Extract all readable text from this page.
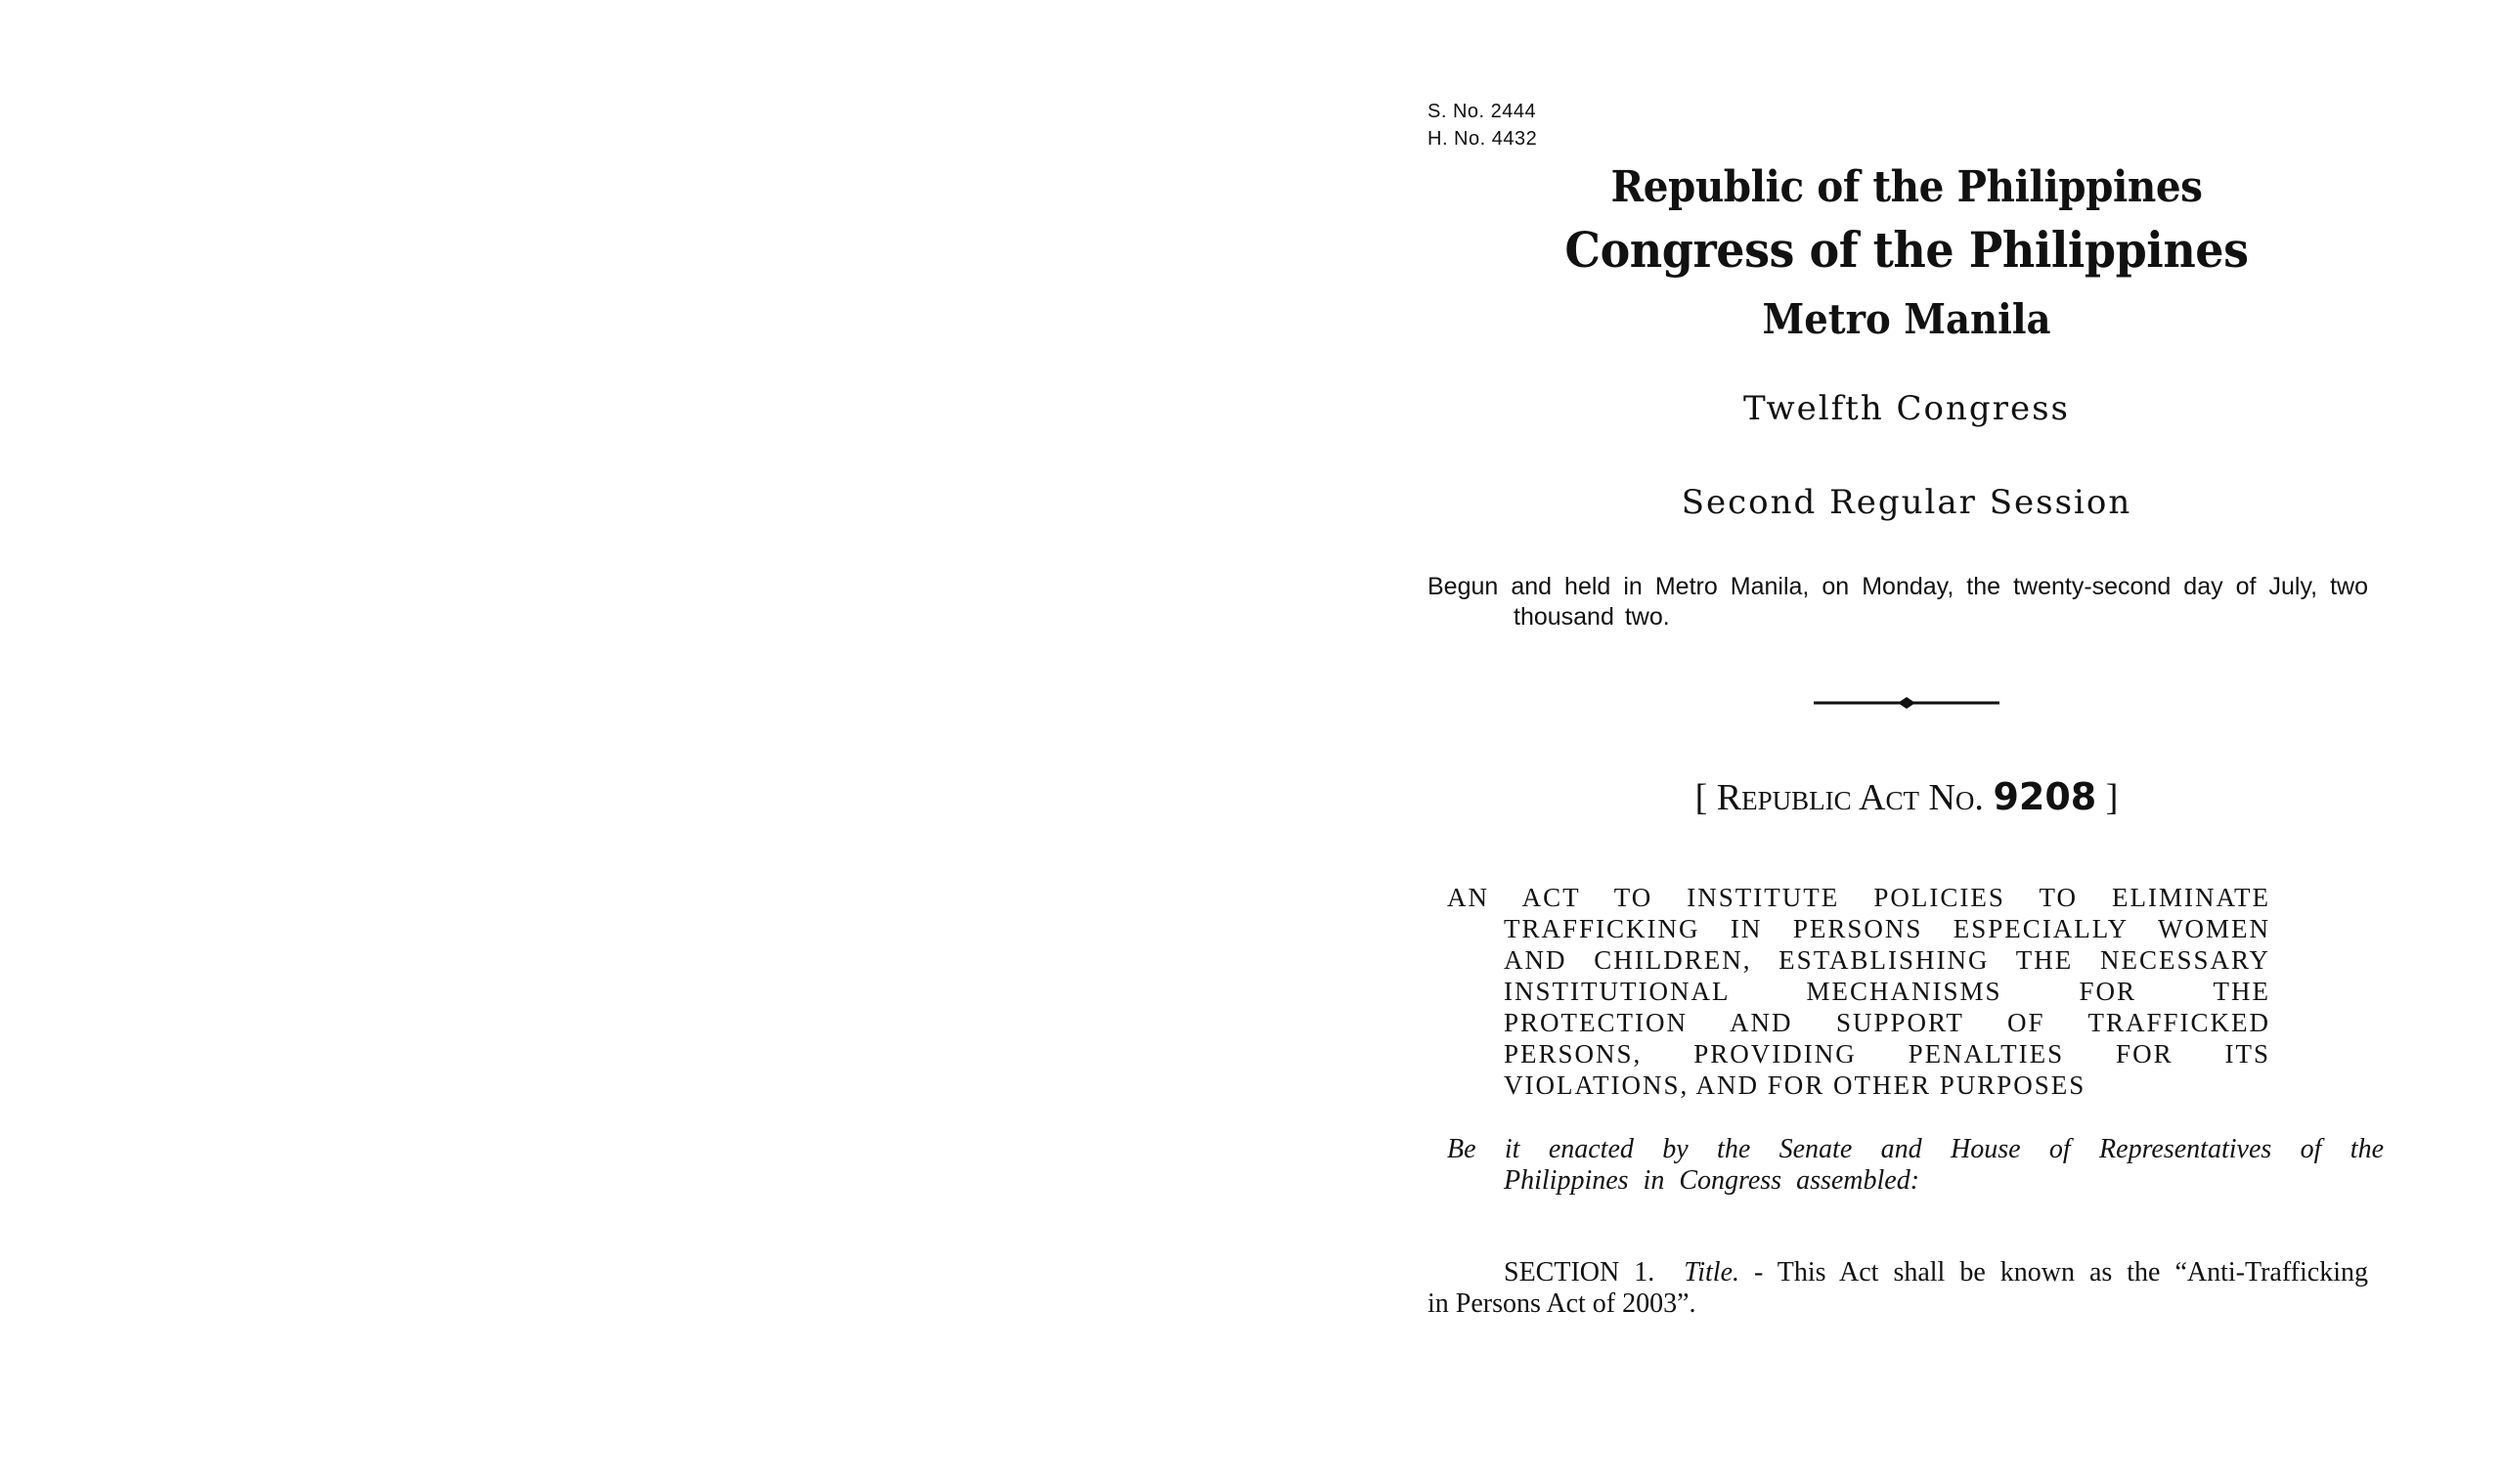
S. No. 2444
H. No. 4432
Republic of the Philippines
Congress of the Philippines
Metro Manila
Twelfth Congress
Second Regular Session
Begun and held in Metro Manila, on Monday, the twenty-second day of July, two thousand two.
[ Republic Act No. 9208 ]
AN ACT TO INSTITUTE POLICIES TO ELIMINATE
TRAFFICKING IN PERSONS ESPECIALLY WOMEN
AND CHILDREN, ESTABLISHING THE NECESSARY
INSTITUTIONAL MECHANISMS FOR THE
PROTECTION AND SUPPORT OF TRAFFICKED
PERSONS, PROVIDING PENALTIES FOR ITS
VIOLATIONS, AND FOR OTHER PURPOSES
Be it enacted by the Senate and House of Representatives of the
Philippines in Congress assembled:
SECTION 1. Title. - This Act shall be known as the “Anti-Trafficking
in Persons Act of 2003”.
